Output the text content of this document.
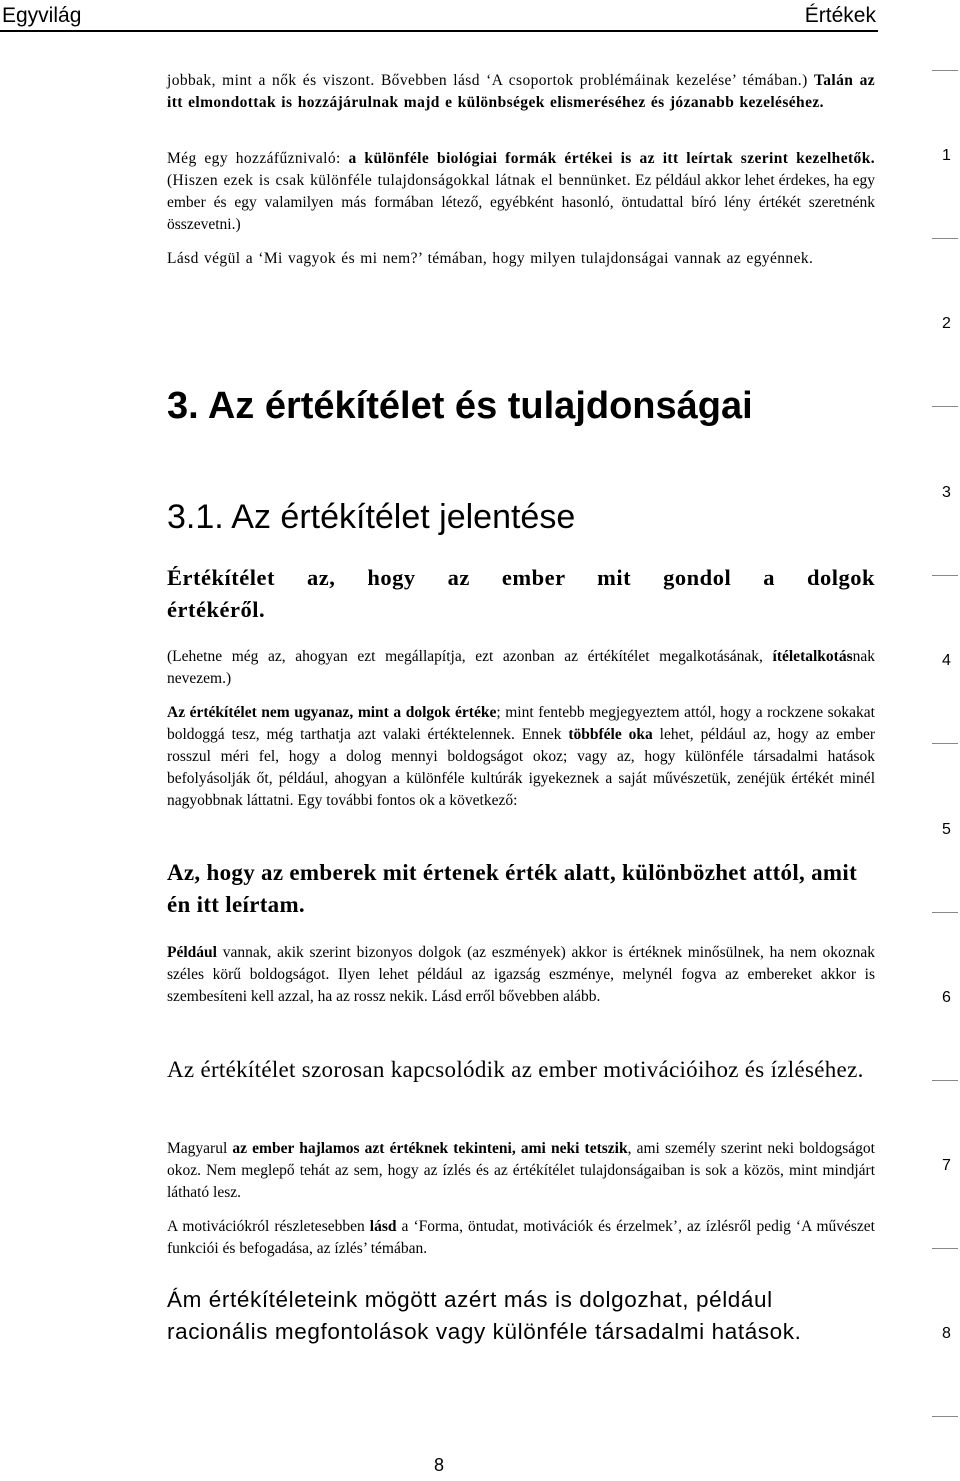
Egyvilág	Értékek
1
2
3
4
5
6
7
8
jobbak, mint a nők és viszont. Bővebben lásd ‘A csoportok problémáinak kezelése’ témában.) Talán az itt elmondottak is hozzájárulnak majd e különbségek elismeréséhez és józanabb kezeléséhez.
Még egy hozzáfűznivaló: a különféle biológiai formák értékei is az itt leírtak szerint kezelhetők. (Hiszen ezek is csak különféle tulajdonságokkal látnak el bennünket. Ez például akkor lehet érdekes, ha egy ember és egy valamilyen más formában létező, egyébként hasonló, öntudattal bíró lény értékét szeretnénk összevetni.)
Lásd végül a ‘Mi vagyok és mi nem?’ témában, hogy milyen tulajdonságai vannak az egyénnek.
3. Az értékítélet és tulajdonságai
3.1. Az értékítélet jelentése
Értékítélet az, hogy az ember mit gondol a dolgok értékéről.
(Lehetne még az, ahogyan ezt megállapítja, ezt azonban az értékítélet megalkotásának, ítéletalkotásnak nevezem.)
Az értékítélet nem ugyanaz, mint a dolgok értéke; mint fentebb megjegyeztem attól, hogy a rockzene sokakat boldoggá tesz, még tarthatja azt valaki értéktelennek. Ennek többféle oka lehet, például az, hogy az ember rosszul méri fel, hogy a dolog mennyi boldogságot okoz; vagy az, hogy különféle társadalmi hatások befolyásolják őt, például, ahogyan a különféle kultúrák igyekeznek a saját művészetük, zenéjük értékét minél nagyobbnak láttatni. Egy további fontos ok a következő:
Az, hogy az emberek mit értenek érték alatt, különbözhet attól, amit én itt leírtam.
Például vannak, akik szerint bizonyos dolgok (az eszmények) akkor is értéknek minősülnek, ha nem okoznak széles körű boldogságot. Ilyen lehet például az igazság eszménye, melynél fogva az embereket akkor is szembesíteni kell azzal, ha az rossz nekik. Lásd erről bővebben alább.
Az értékítélet szorosan kapcsolódik az ember motivációihoz és ízléséhez.
Magyarul az ember hajlamos azt értéknek tekinteni, ami neki tetszik, ami személy szerint neki boldogságot okoz. Nem meglepő tehát az sem, hogy az ízlés és az értékítélet tulajdonságaiban is sok a közös, mint mindjárt látható lesz.
A motivációkról részletesebben lásd a ‘Forma, öntudat, motivációk és érzelmek’, az ízlésről pedig ‘A művészet funkciói és befogadása, az ízlés’ témában.
Ám értékítéleteink mögött azért más is dolgozhat, például racionális megfontolások vagy különféle társadalmi hatások.
8
